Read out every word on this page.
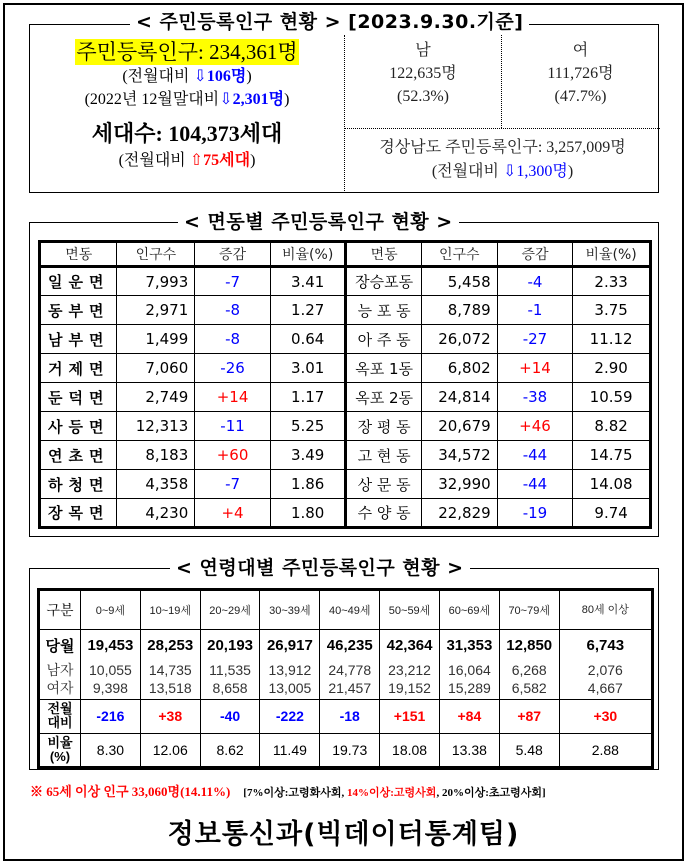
주민등록인구: 234,361명
(전월대비 ⇩106명)
(2022년 12월말대비⇩2,301명)
세대수: 104,373세대
(전월대비 ⇧75세대)
남
122,635명
(52.3%)
여
111,726명
(47.7%)
경상남도 주민등록인구: 3,257,009명
(전월대비 ⇩1,300명)
< 주민등록인구 현황 > [2023.9.30.기준]
< 면동별 주민등록인구 현황 >
면동	인구수	증감	비율(%)	면동	인구수	증감	비율(%)
일운면	7,993	-7	3.41	장승포동	5,458	-4	2.33
동부면	2,971	-8	1.27	능 포 동	8,789	-1	3.75
남부면	1,499	-8	0.64	아 주 동	26,072	-27	11.12
거제면	7,060	-26	3.01	옥포 1동	6,802	+14	2.90
둔덕면	2,749	+14	1.17	옥포 2동	24,814	-38	10.59
사등면	12,313	-11	5.25	장 평 동	20,679	+46	8.82
연초면	8,183	+60	3.49	고 현 동	34,572	-44	14.75
하청면	4,358	-7	1.86	상 문 동	32,990	-44	14.08
장목면	4,230	+4	1.80	수 양 동	22,829	-19	9.74
< 연령대별 주민등록인구 현황 >
구분	0~9세	10~19세	20~29세	30~39세	40~49세	50~59세	60~69세	70~79세	80세 이상
당월	19,453	28,253	20,193	26,917	46,235	42,364	31,353	12,850	6,743
남자	10,055	14,735	11,535	13,912	24,778	23,212	16,064	6,268	2,076
여자	9,398	13,518	8,658	13,005	21,457	19,152	15,289	6,582	4,667
전월
대비	-216	+38	-40	-222	-18	+151	+84	+87	+30
비율
(%)	8.30	12.06	8.62	11.49	19.73	18.08	13.38	5.48	2.88
※ 65세 이상 인구 33,060명(14.11%) [7%이상:고령화사회, 14%이상:고령사회, 20%이상:초고령사회]
정보통신과(빅데이터통계팀)
